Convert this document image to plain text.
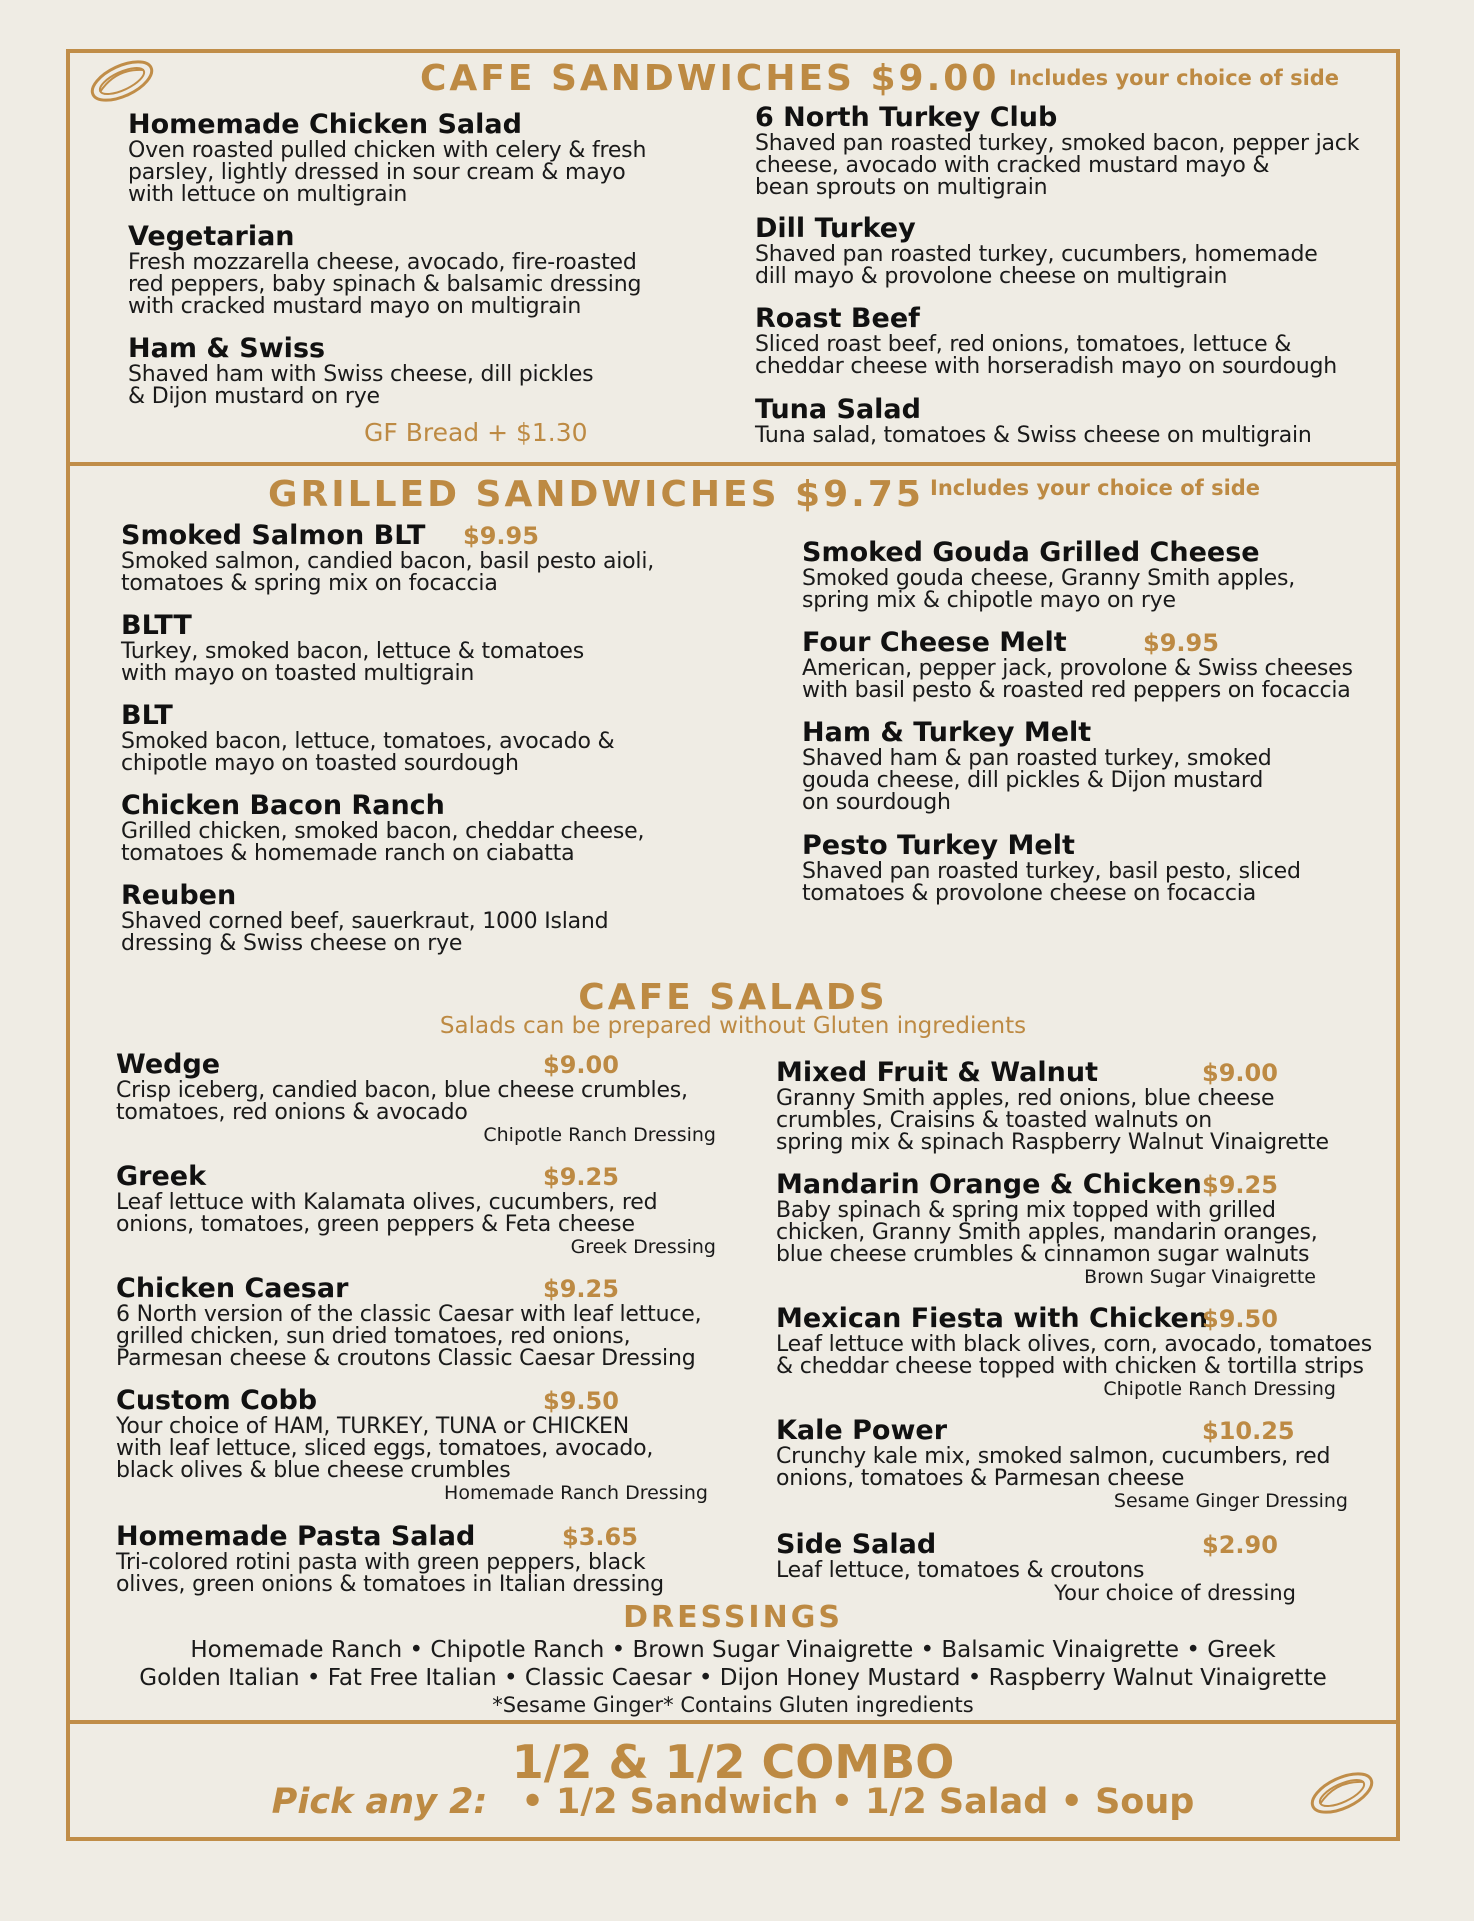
CAFE SANDWICHES $9.00 Includes your choice of side
Homemade Chicken Salad
Oven roasted pulled chicken with celery & fresh
parsley, lightly dressed in sour cream & mayo
with lettuce on multigrain
Vegetarian
Fresh mozzarella cheese, avocado, fire-roasted
red peppers, baby spinach & balsamic dressing
with cracked mustard mayo on multigrain
Ham & Swiss
Shaved ham with Swiss cheese, dill pickles
& Dijon mustard on rye
GF Bread + $1.30
6 North Turkey Club
Shaved pan roasted turkey, smoked bacon, pepper jack
cheese, avocado with cracked mustard mayo &
bean sprouts on multigrain
Dill Turkey
Shaved pan roasted turkey, cucumbers, homemade
dill mayo & provolone cheese on multigrain
Roast Beef
Sliced roast beef, red onions, tomatoes, lettuce &
cheddar cheese with horseradish mayo on sourdough
Tuna Salad
Tuna salad, tomatoes & Swiss cheese on multigrain
GRILLED SANDWICHES $9.75 Includes your choice of side
Smoked Salmon BLT $9.95
Smoked salmon, candied bacon, basil pesto aioli,
tomatoes & spring mix on focaccia
BLTT
Turkey, smoked bacon, lettuce & tomatoes
with mayo on toasted multigrain
BLT
Smoked bacon, lettuce, tomatoes, avocado &
chipotle mayo on toasted sourdough
Chicken Bacon Ranch
Grilled chicken, smoked bacon, cheddar cheese,
tomatoes & homemade ranch on ciabatta
Reuben
Shaved corned beef, sauerkraut, 1000 Island
dressing & Swiss cheese on rye
Smoked Gouda Grilled Cheese
Smoked gouda cheese, Granny Smith apples,
spring mix & chipotle mayo on rye
Four Cheese Melt	$9.95
American, pepper jack, provolone & Swiss cheeses
with basil pesto & roasted red peppers on focaccia
Ham & Turkey Melt
Shaved ham & pan roasted turkey, smoked
gouda cheese, dill pickles & Dijon mustard
on sourdough
Pesto Turkey Melt
Shaved pan roasted turkey, basil pesto, sliced
tomatoes & provolone cheese on focaccia
CAFE SALADS
Salads can be prepared without Gluten ingredients
Wedge	$9.00
Crisp iceberg, candied bacon, blue cheese crumbles,
tomatoes, red onions & avocado
Chipotle Ranch Dressing
Greek	$9.25
Leaf lettuce with Kalamata olives, cucumbers, red
onions, tomatoes, green peppers & Feta cheese
Greek Dressing
Chicken Caesar	$9.25
6 North version of the classic Caesar with leaf lettuce,
grilled chicken, sun dried tomatoes, red onions,
Parmesan cheese & croutons Classic Caesar Dressing
Custom Cobb	$9.50
Your choice of HAM, TURKEY, TUNA or CHICKEN
with leaf lettuce, sliced eggs, tomatoes, avocado,
black olives & blue cheese crumbles
Homemade Ranch Dressing
Homemade Pasta Salad	$3.65
Tri-colored rotini pasta with green peppers, black
olives, green onions & tomatoes in Italian dressing
Mixed Fruit & Walnut	$9.00
Granny Smith apples, red onions, blue cheese
crumbles, Craisins & toasted walnuts on
spring mix & spinach Raspberry Walnut Vinaigrette
Mandarin Orange & Chicken $9.25
Baby spinach & spring mix topped with grilled
chicken, Granny Smith apples, mandarin oranges,
blue cheese crumbles & cinnamon sugar walnuts
Brown Sugar Vinaigrette
Mexican Fiesta with Chicken
$9.50
Leaf lettuce with black olives, corn, avocado, tomatoes
& cheddar cheese topped with chicken & tortilla strips
Chipotle Ranch Dressing
Kale Power	$10.25
Crunchy kale mix, smoked salmon, cucumbers, red
onions, tomatoes & Parmesan cheese
Sesame Ginger Dressing
Side Salad	$2.90
Leaf lettuce, tomatoes & croutons
Your choice of dressing
DRESSINGS
Homemade Ranch • Chipotle Ranch • Brown Sugar Vinaigrette • Balsamic Vinaigrette • Greek
Golden Italian • Fat Free Italian • Classic Caesar • Dijon Honey Mustard • Raspberry Walnut Vinaigrette
*Sesame Ginger* Contains Gluten ingredients
1/2 & 1/2 COMBO
Pick any 2: • 1/2 Sandwich • 1/2 Salad • Soup
